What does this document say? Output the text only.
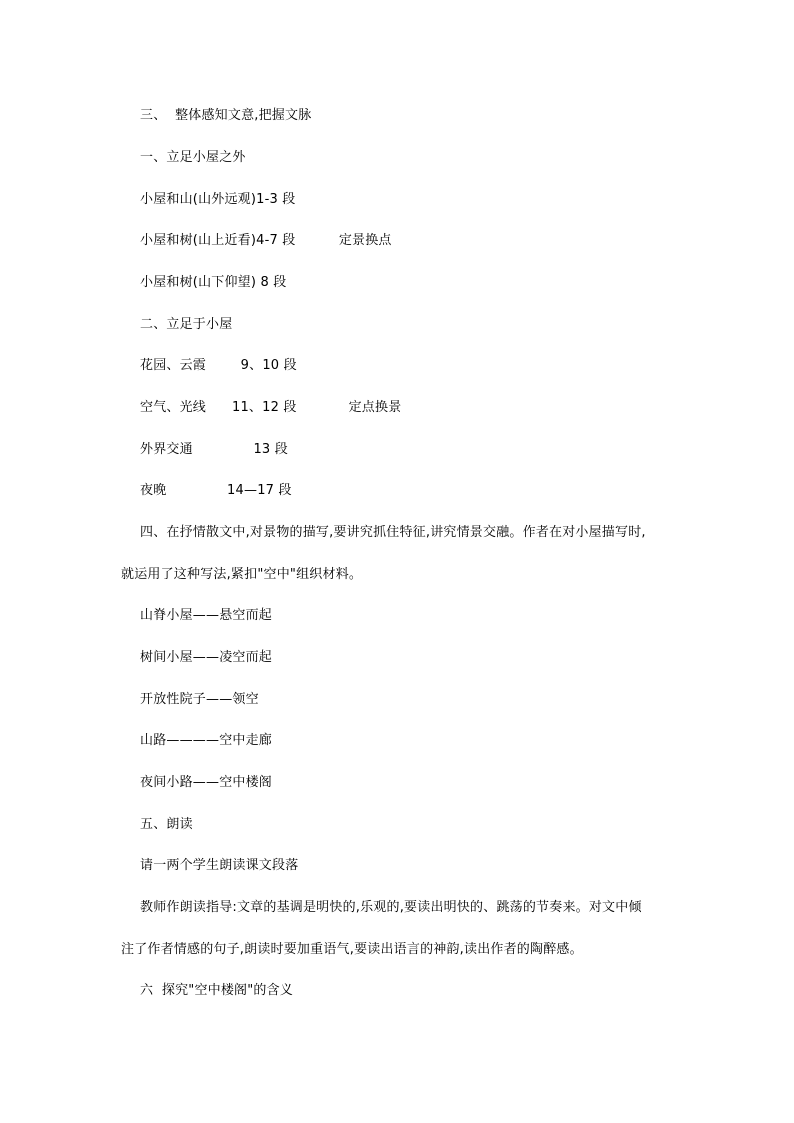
三、  整体感知文意,把握文脉
一、立足小屋之外
小屋和山(山外远观)1-3 段
小屋和树(山上近看)4-7 段          定景换点
小屋和树(山下仰望) 8 段
二、立足于小屋
花园、云霞        9、10 段
空气、光线      11、12 段            定点换景
外界交通              13 段
夜晚              14—17 段
四、在抒情散文中,对景物的描写,要讲究抓住特征,讲究情景交融。作者在对小屋描写时,
就运用了这种写法,紧扣"空中"组织材料。
山脊小屋——悬空而起
树间小屋——凌空而起
开放性院子——领空
山路————空中走廊
夜间小路——空中楼阁
五、朗读
请一两个学生朗读课文段落
教师作朗读指导:文章的基调是明快的,乐观的,要读出明快的、跳荡的节奏来。对文中倾
注了作者情感的句子,朗读时要加重语气,要读出语言的神韵,读出作者的陶醉感。
六  探究"空中楼阁"的含义
